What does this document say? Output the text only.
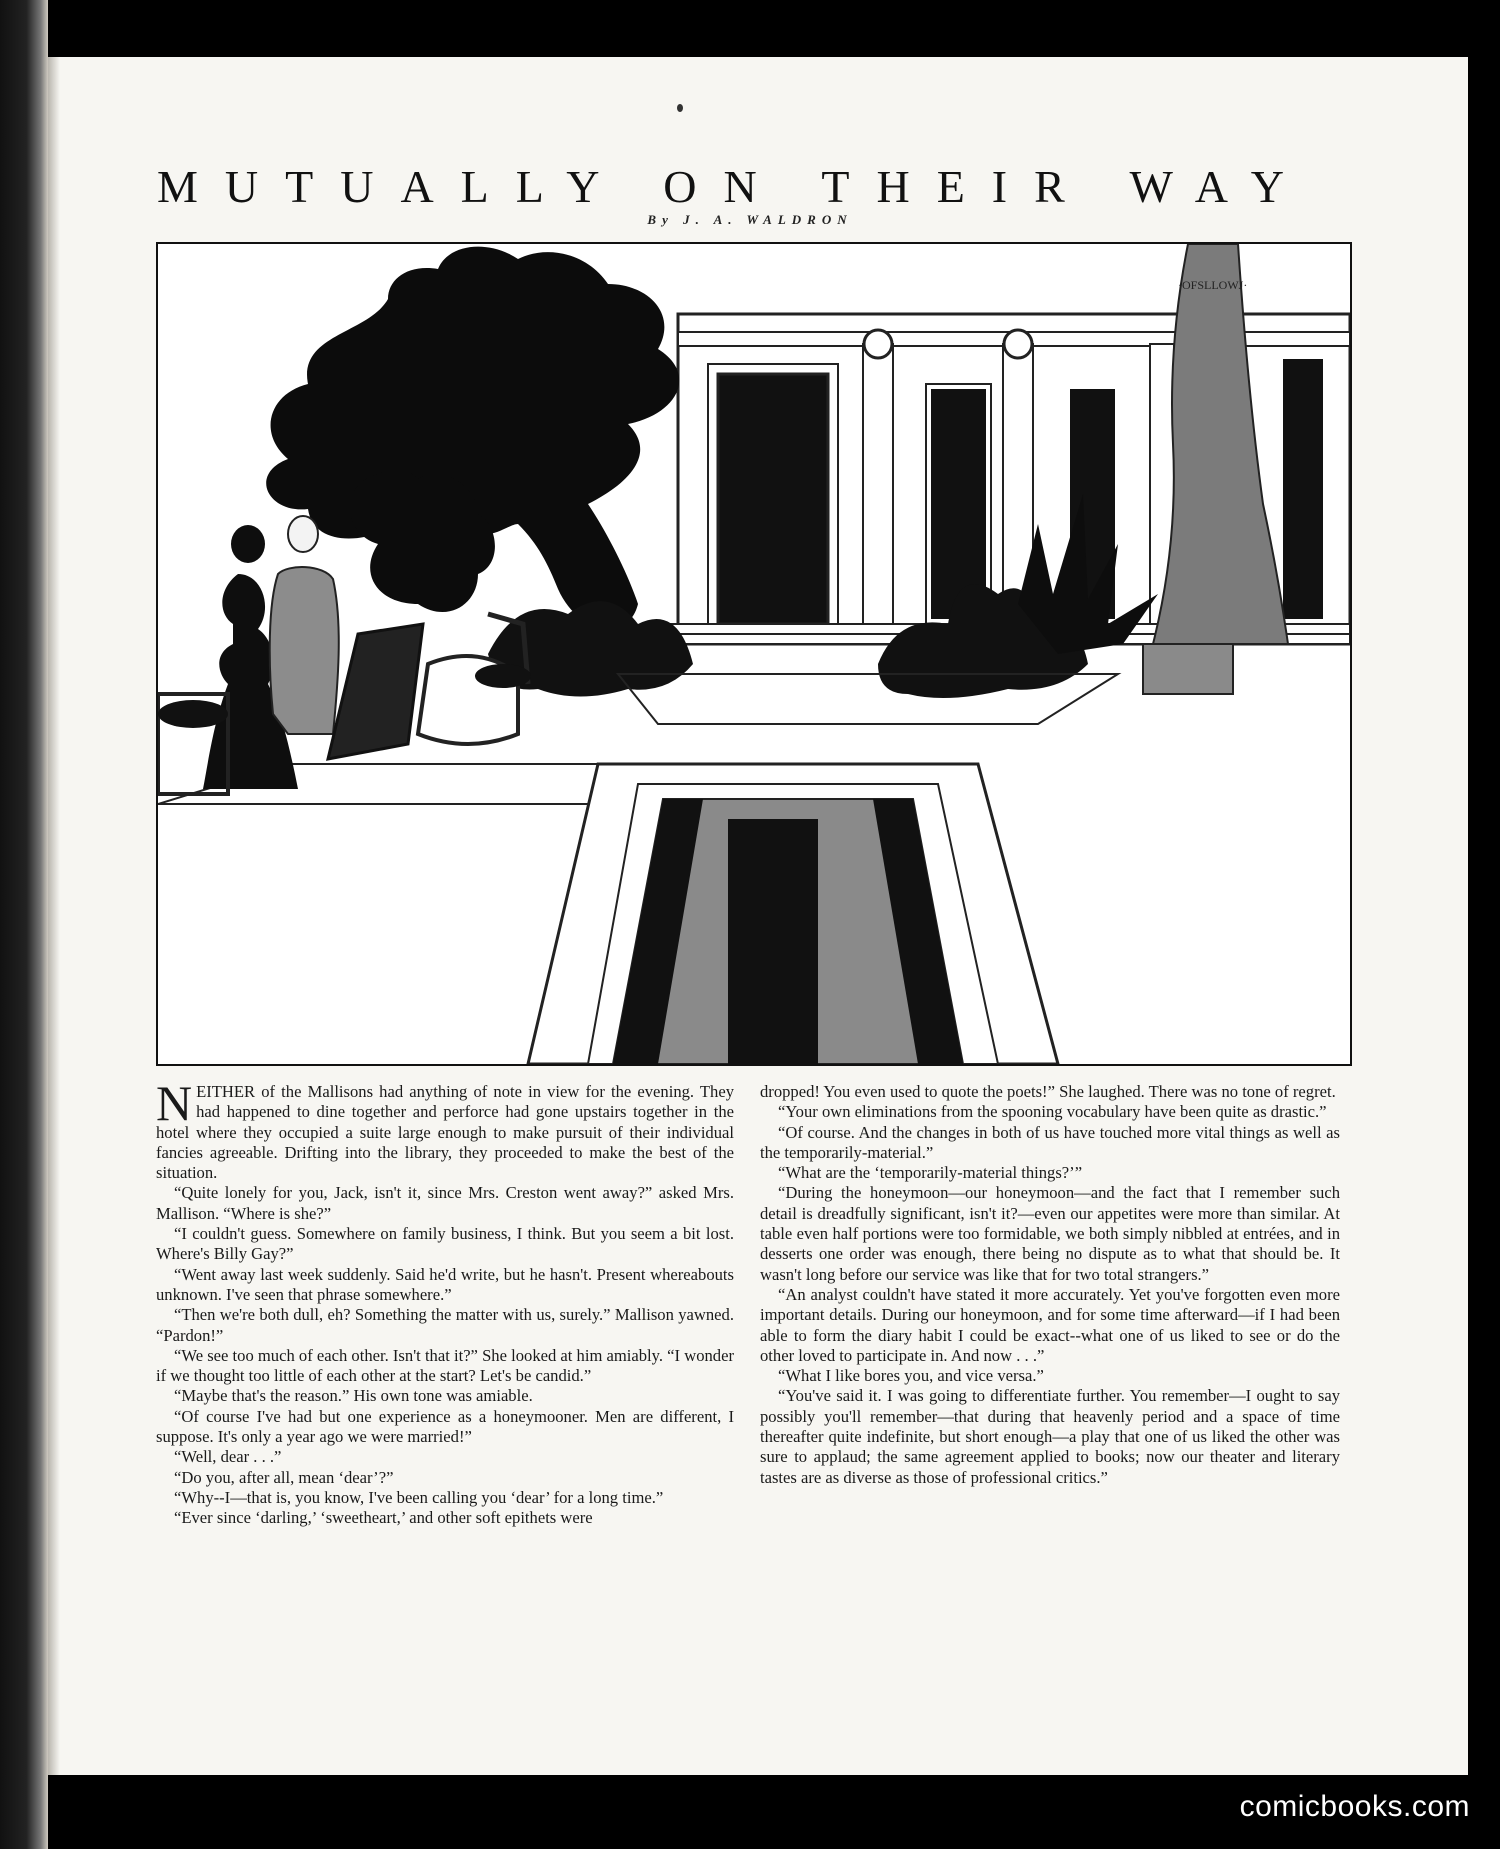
MUTUALLY ON THEIR WAY
By J. A. WALDRON
·OFSLLOWJ·

NEITHER of the Mallisons had anything of note in view for the evening. They had happened to dine together and perforce had gone upstairs together in the hotel where they occupied a suite large enough to make pursuit of their individual fancies agreeable. Drifting into the library, they proceeded to make the best of the situation.

“Quite lonely for you, Jack, isn't it, since Mrs. Creston went away?” asked Mrs. Mallison. “Where is she?”

“I couldn't guess. Somewhere on family business, I think. But you seem a bit lost. Where's Billy Gay?”

“Went away last week suddenly. Said he'd write, but he hasn't. Present whereabouts unknown. I've seen that phrase somewhere.”

“Then we're both dull, eh? Something the matter with us, surely.” Mallison yawned. “Pardon!”

“We see too much of each other. Isn't that it?” She looked at him amiably. “I wonder if we thought too little of each other at the start? Let's be candid.”

“Maybe that's the reason.” His own tone was amiable.

“Of course I've had but one experience as a honeymooner. Men are different, I suppose. It's only a year ago we were married!”

“Well, dear . . .”

“Do you, after all, mean ‘dear’?”

“Why--I—that is, you know, I've been calling you ‘dear’ for a long time.”

“Ever since ‘darling,’ ‘sweetheart,’ and other soft epithets were

dropped! You even used to quote the poets!” She laughed. There was no tone of regret.

“Your own eliminations from the spooning vocabulary have been quite as drastic.”

“Of course. And the changes in both of us have touched more vital things as well as the temporarily-material.”

“What are the ‘temporarily-material things?’”

“During the honeymoon—our honeymoon—and the fact that I remember such detail is dreadfully significant, isn't it?—even our appetites were more than similar. At table even half portions were too formidable, we both simply nibbled at entrées, and in desserts one order was enough, there being no dispute as to what that should be. It wasn't long before our service was like that for two total strangers.”

“An analyst couldn't have stated it more accurately. Yet you've forgotten even more important details. During our honeymoon, and for some time afterward—if I had been able to form the diary habit I could be exact--what one of us liked to see or do the other loved to participate in. And now . . .”

“What I like bores you, and vice versa.”

“You've said it. I was going to differentiate further. You remember—I ought to say possibly you'll remember—that during that heavenly period and a space of time thereafter quite indefinite, but short enough—a play that one of us liked the other was sure to applaud; the same agreement applied to books; now our theater and literary tastes are as diverse as those of professional critics.”

comicbooks.com
